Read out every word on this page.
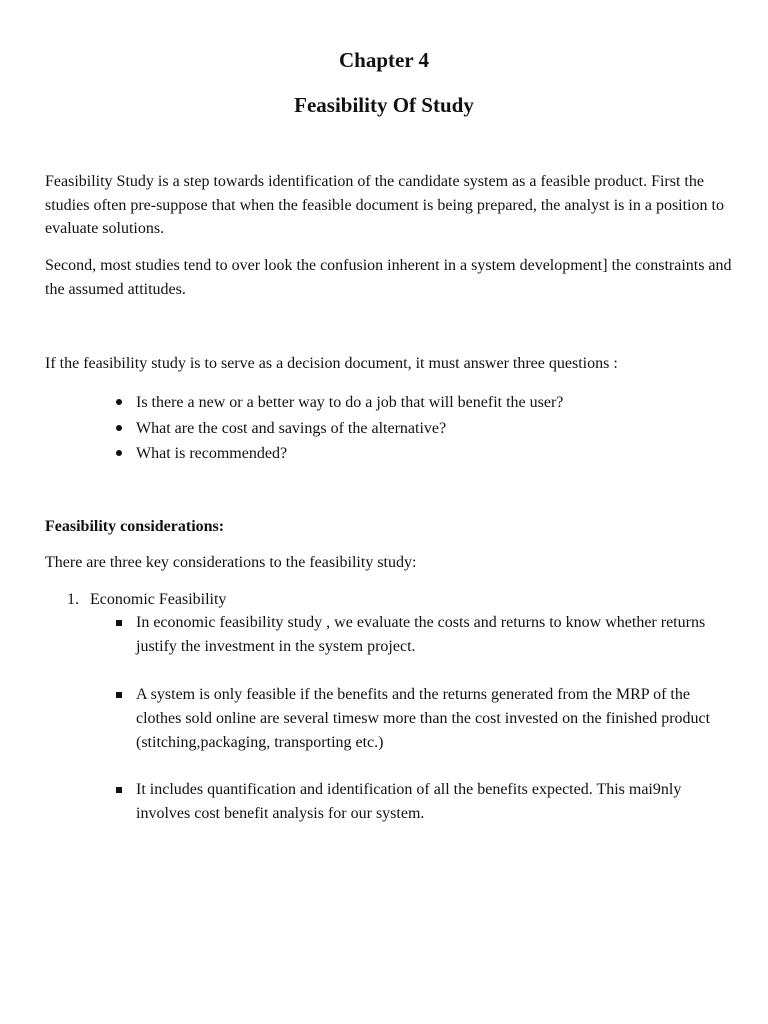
Chapter 4
Feasibility Of Study

Feasibility Study is a step towards identification of the candidate system as a feasible product. First the studies often pre-suppose that when the feasible document is being prepared, the analyst is in a position to evaluate solutions.

Second, most studies tend to over look the confusion inherent in a system development] the constraints and the assumed attitudes.

If the feasibility study is to serve as a decision document, it must answer three questions :

Is there a new or a better way to do a job that will benefit the user?
What are the cost and savings of the alternative?
What is recommended?
Feasibility considerations:

There are three key considerations to the feasibility study:

1. Economic Feasibility
In economic feasibility study , we evaluate the costs and returns to know whether returns justify the investment in the system project.
A system is only feasible if the benefits and the returns generated from the MRP of the clothes sold online are several timesw more than the cost invested on the finished product (stitching,packaging, transporting etc.)
It includes quantification and identification of all the benefits expected. This mai9nly involves cost benefit analysis for our system.
